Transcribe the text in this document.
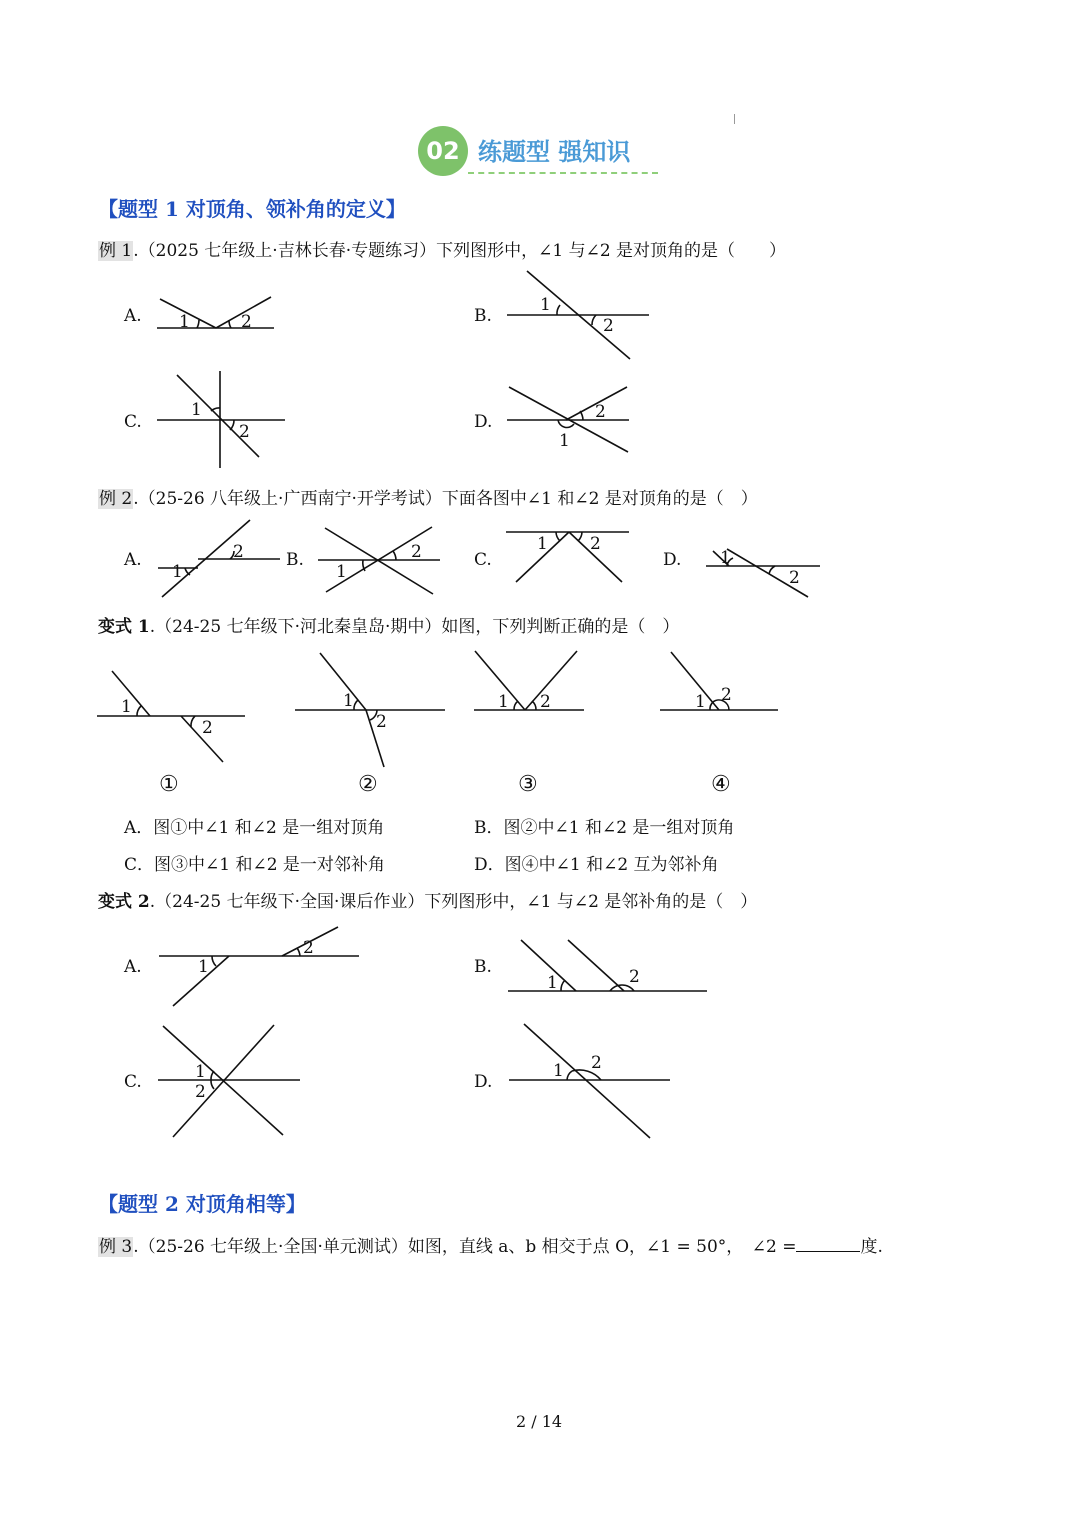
02 练题型 强知识
【题型 1 对顶角、领补角的定义】
例 1.（2025 七年级上·吉林长春·专题练习）下列图形中，∠1 与∠2 是对顶角的是（　　）
A.	B.
C.	D.
1	2
1
2
1
2
2
1
1
2
1
2	1 2
1
2
1
2
1
2
1 2	1 2
1
2
1	2
1
2
1 2
例 2.（25-26 八年级上·广西南宁·开学考试）下面各图中∠1 和∠2 是对顶角的是（　）
A.	B.	C.	D.
变式 1.（24-25 七年级下·河北秦皇岛·期中）如图，下列判断正确的是（　）
①	②	③	④
A．图①中∠1 和∠2 是一组对顶角	B．图②中∠1 和∠2 是一组对顶角
C．图③中∠1 和∠2 是一对邻补角	D．图④中∠1 和∠2 互为邻补角
变式 2.（24-25 七年级下·全国·课后作业）下列图形中，∠1 与∠2 是邻补角的是（　）
A.	B.
C.	D.
【题型 2 对顶角相等】
例 3.（25-26 七年级上·全国·单元测试）如图，直线 a、b 相交于点 O，∠1 = 50°，　∠2 =	度.
2 / 14
